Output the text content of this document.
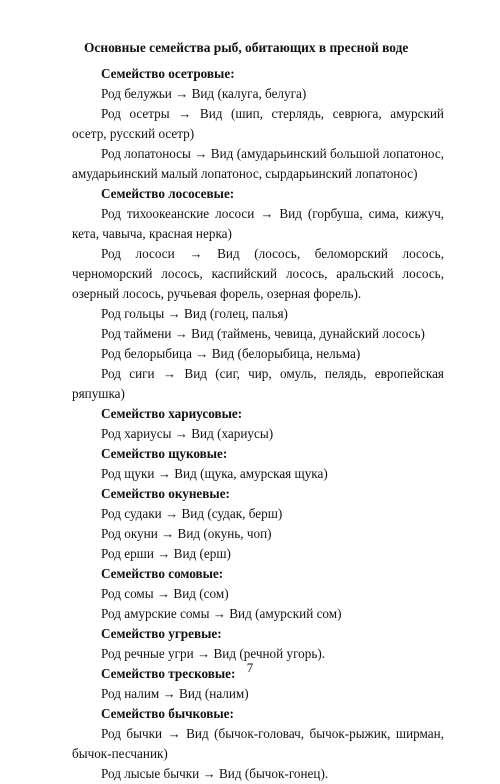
Основные семейства рыб, обитающих в пресной воде

Семейство осетровые:

Род белужьи → Вид (калуга, белуга)

Род осетры → Вид (шип, стерлядь, севрюга, амурский осетр, русский осетр)

Род лопатоносы → Вид (амударьинский большой лопатонос, амударьинский малый лопатонос, сырдарьинский лопатонос)

Семейство лососевые:

Род тихоокеанские лососи → Вид (горбуша, сима, кижуч, кета, чавыча, красная нерка)

Род лососи → Вид (лосось, беломорский лосось, черноморский лосось, каспийский лосось, аральский лосось, озерный лосось, ручьевая форель, озерная форель).

Род гольцы → Вид (голец, палья)

Род таймени → Вид (таймень, чевица, дунайский лосось)

Род белорыбица → Вид (белорыбица, нельма)

Род сиги → Вид (сиг, чир, омуль, пелядь, европейская ряпушка)

Семейство хариусовые:

Род хариусы → Вид (хариусы)

Семейство щуковые:

Род щуки → Вид (щука, амурская щука)

Семейство окуневые:

Род судаки → Вид (судак, берш)

Род окуни → Вид (окунь, чоп)

Род ерши → Вид (ерш)

Семейство сомовые:

Род сомы → Вид (сом)

Род амурские сомы → Вид (амурский сом)

Семейство угревые:

Род речные угри → Вид (речной угорь).

Семейство тресковые:

Род налим → Вид (налим)

Семейство бычковые:

Род бычки → Вид (бычок-головач, бычок-рыжик, ширман, бычок-песчаник)

Род лысые бычки → Вид (бычок-гонец).

7
